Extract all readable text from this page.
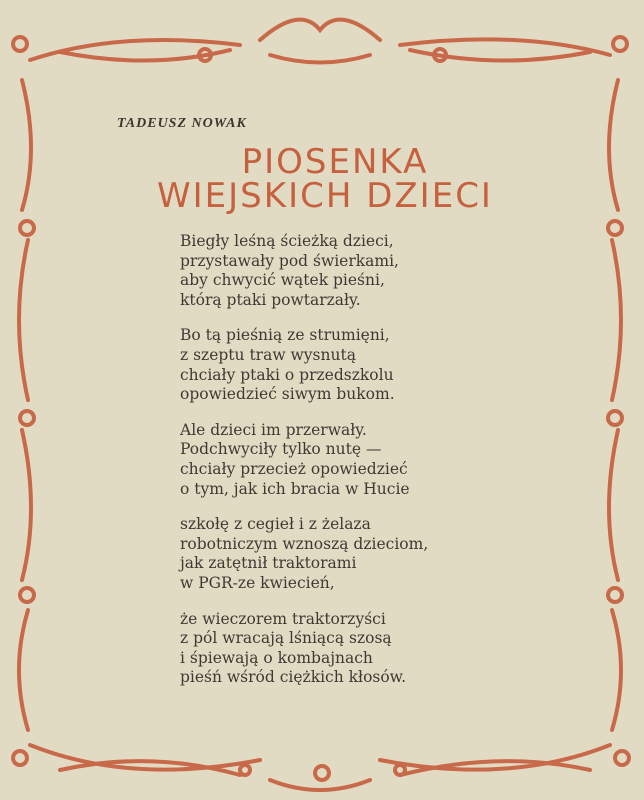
TADEUSZ NOWAK
PIOSENKA
WIEJSKICH DZIECI
Biegły leśną ścieżką dzieci,
przystawały pod świerkami,
aby chwycić wątek pieśni,
którą ptaki powtarzały.
Bo tą pieśnią ze strumięni,
z szeptu traw wysnutą
chciały ptaki o przedszkolu
opowiedzieć siwym bukom.
Ale dzieci im przerwały.
Podchwyciły tylko nutę —
chciały przecież opowiedzieć
o tym, jak ich bracia w Hucie
szkołę z cegieł i z żelaza
robotniczym wznoszą dzieciom,
jak zatętnił traktorami
w PGR-ze kwiecień,
że wieczorem traktorzyści
z pól wracają lśniącą szosą
i śpiewają o kombajnach
pieśń wśród ciężkich kłosów.
